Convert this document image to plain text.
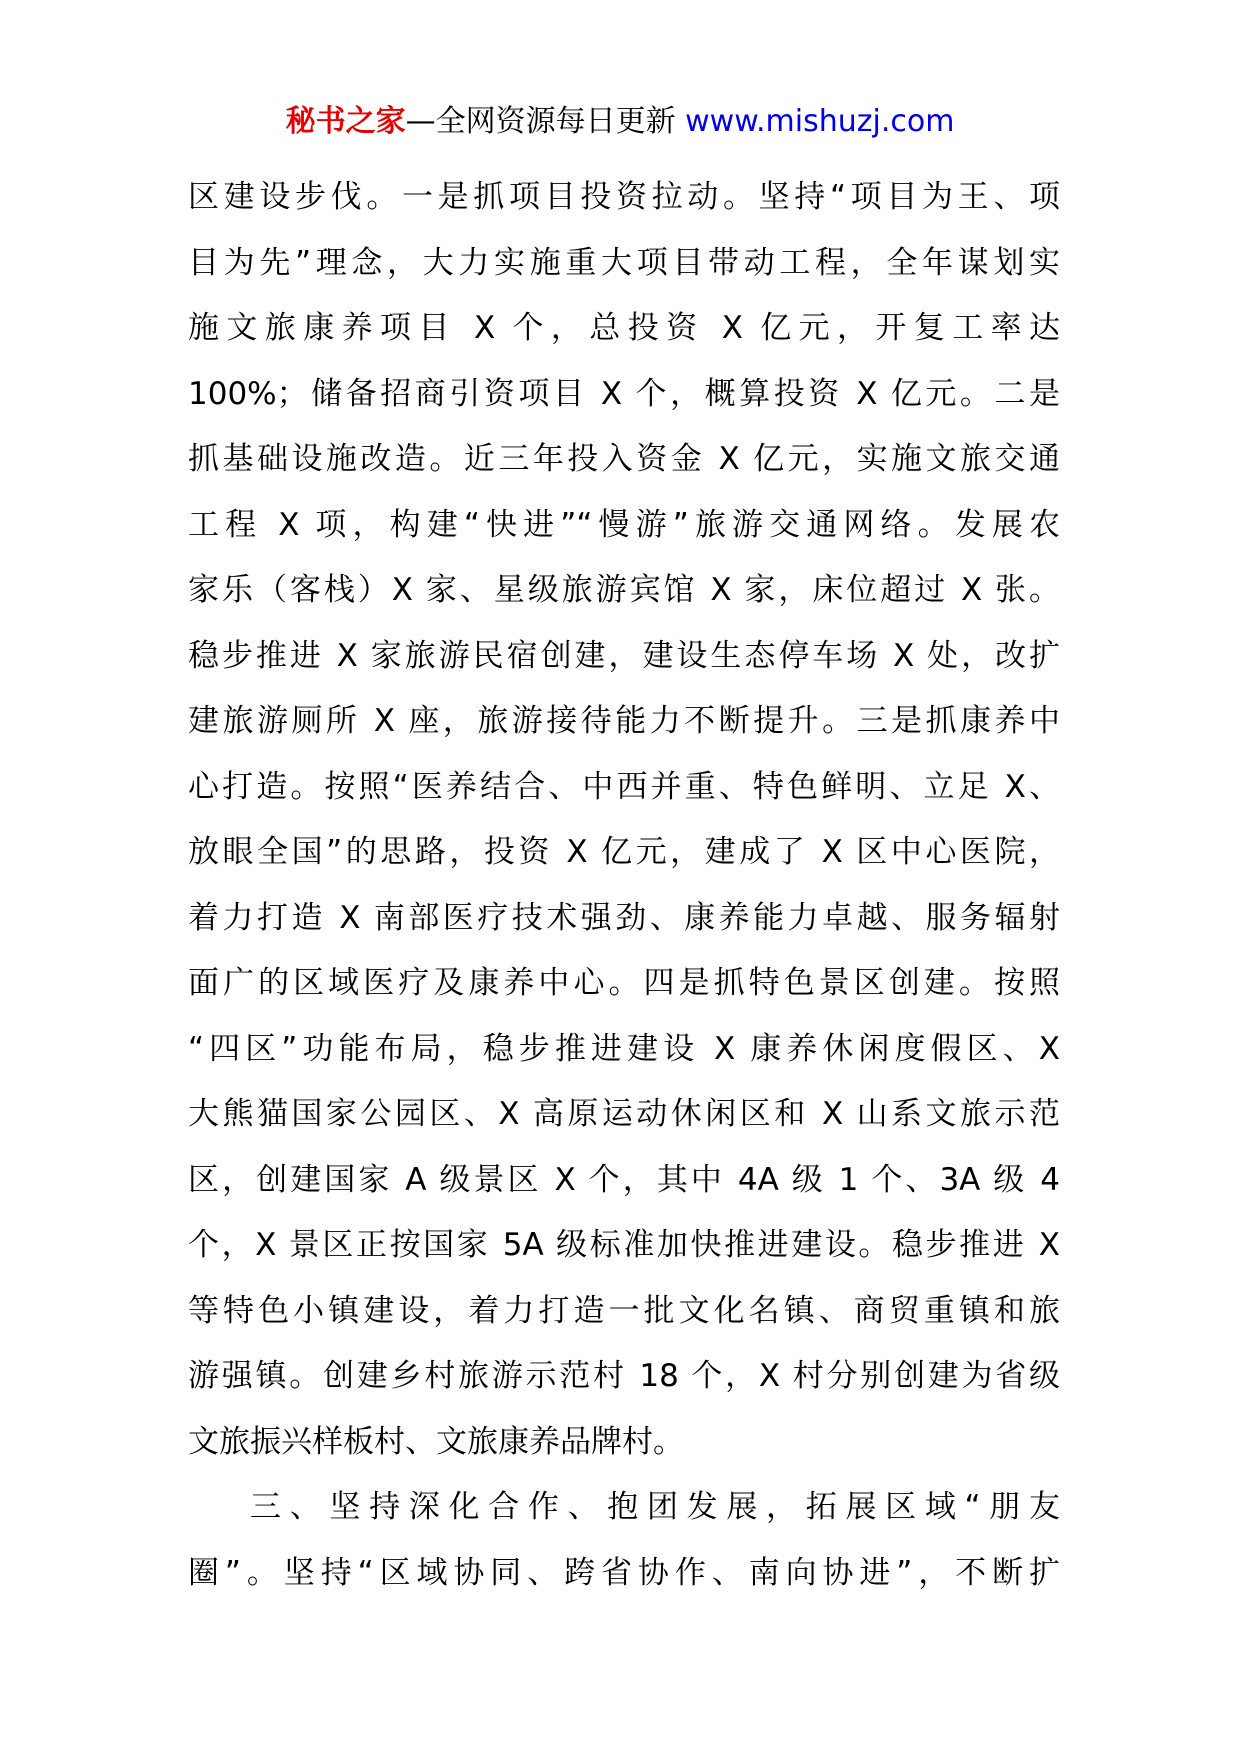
秘书之家—全网资源每日更新 www.mishuzj.com
区建设步伐。一是抓项目投资拉动。坚持“项目为王、项
目为先”理念，大力实施重大项目带动工程，全年谋划实
施文旅康养项目 X 个，总投资 X 亿元，开复工率达
100%；储备招商引资项目 X 个，概算投资 X 亿元。二是
抓基础设施改造。近三年投入资金 X 亿元，实施文旅交通
工程 X 项，构建“快进”“慢游”旅游交通网络。发展农
家乐（客栈）X 家、星级旅游宾馆 X 家，床位超过 X 张。
稳步推进 X 家旅游民宿创建，建设生态停车场 X 处，改扩
建旅游厕所 X 座，旅游接待能力不断提升。三是抓康养中
心打造。按照“医养结合、中西并重、特色鲜明、立足 X、
放眼全国”的思路，投资 X 亿元，建成了 X 区中心医院，
着力打造 X 南部医疗技术强劲、康养能力卓越、服务辐射
面广的区域医疗及康养中心。四是抓特色景区创建。按照
“四区”功能布局，稳步推进建设 X 康养休闲度假区、X
大熊猫国家公园区、X 高原运动休闲区和 X 山系文旅示范
区，创建国家 A 级景区 X 个，其中 4A 级 1 个、3A 级 4
个，X 景区正按国家 5A 级标准加快推进建设。稳步推进 X
等特色小镇建设，着力打造一批文化名镇、商贸重镇和旅
游强镇。创建乡村旅游示范村 18 个，X 村分别创建为省级
文旅振兴样板村、文旅康养品牌村。
三、坚持深化合作、抱团发展，拓展区域“朋友
圈”。坚持“区域协同、跨省协作、南向协进”，不断扩
